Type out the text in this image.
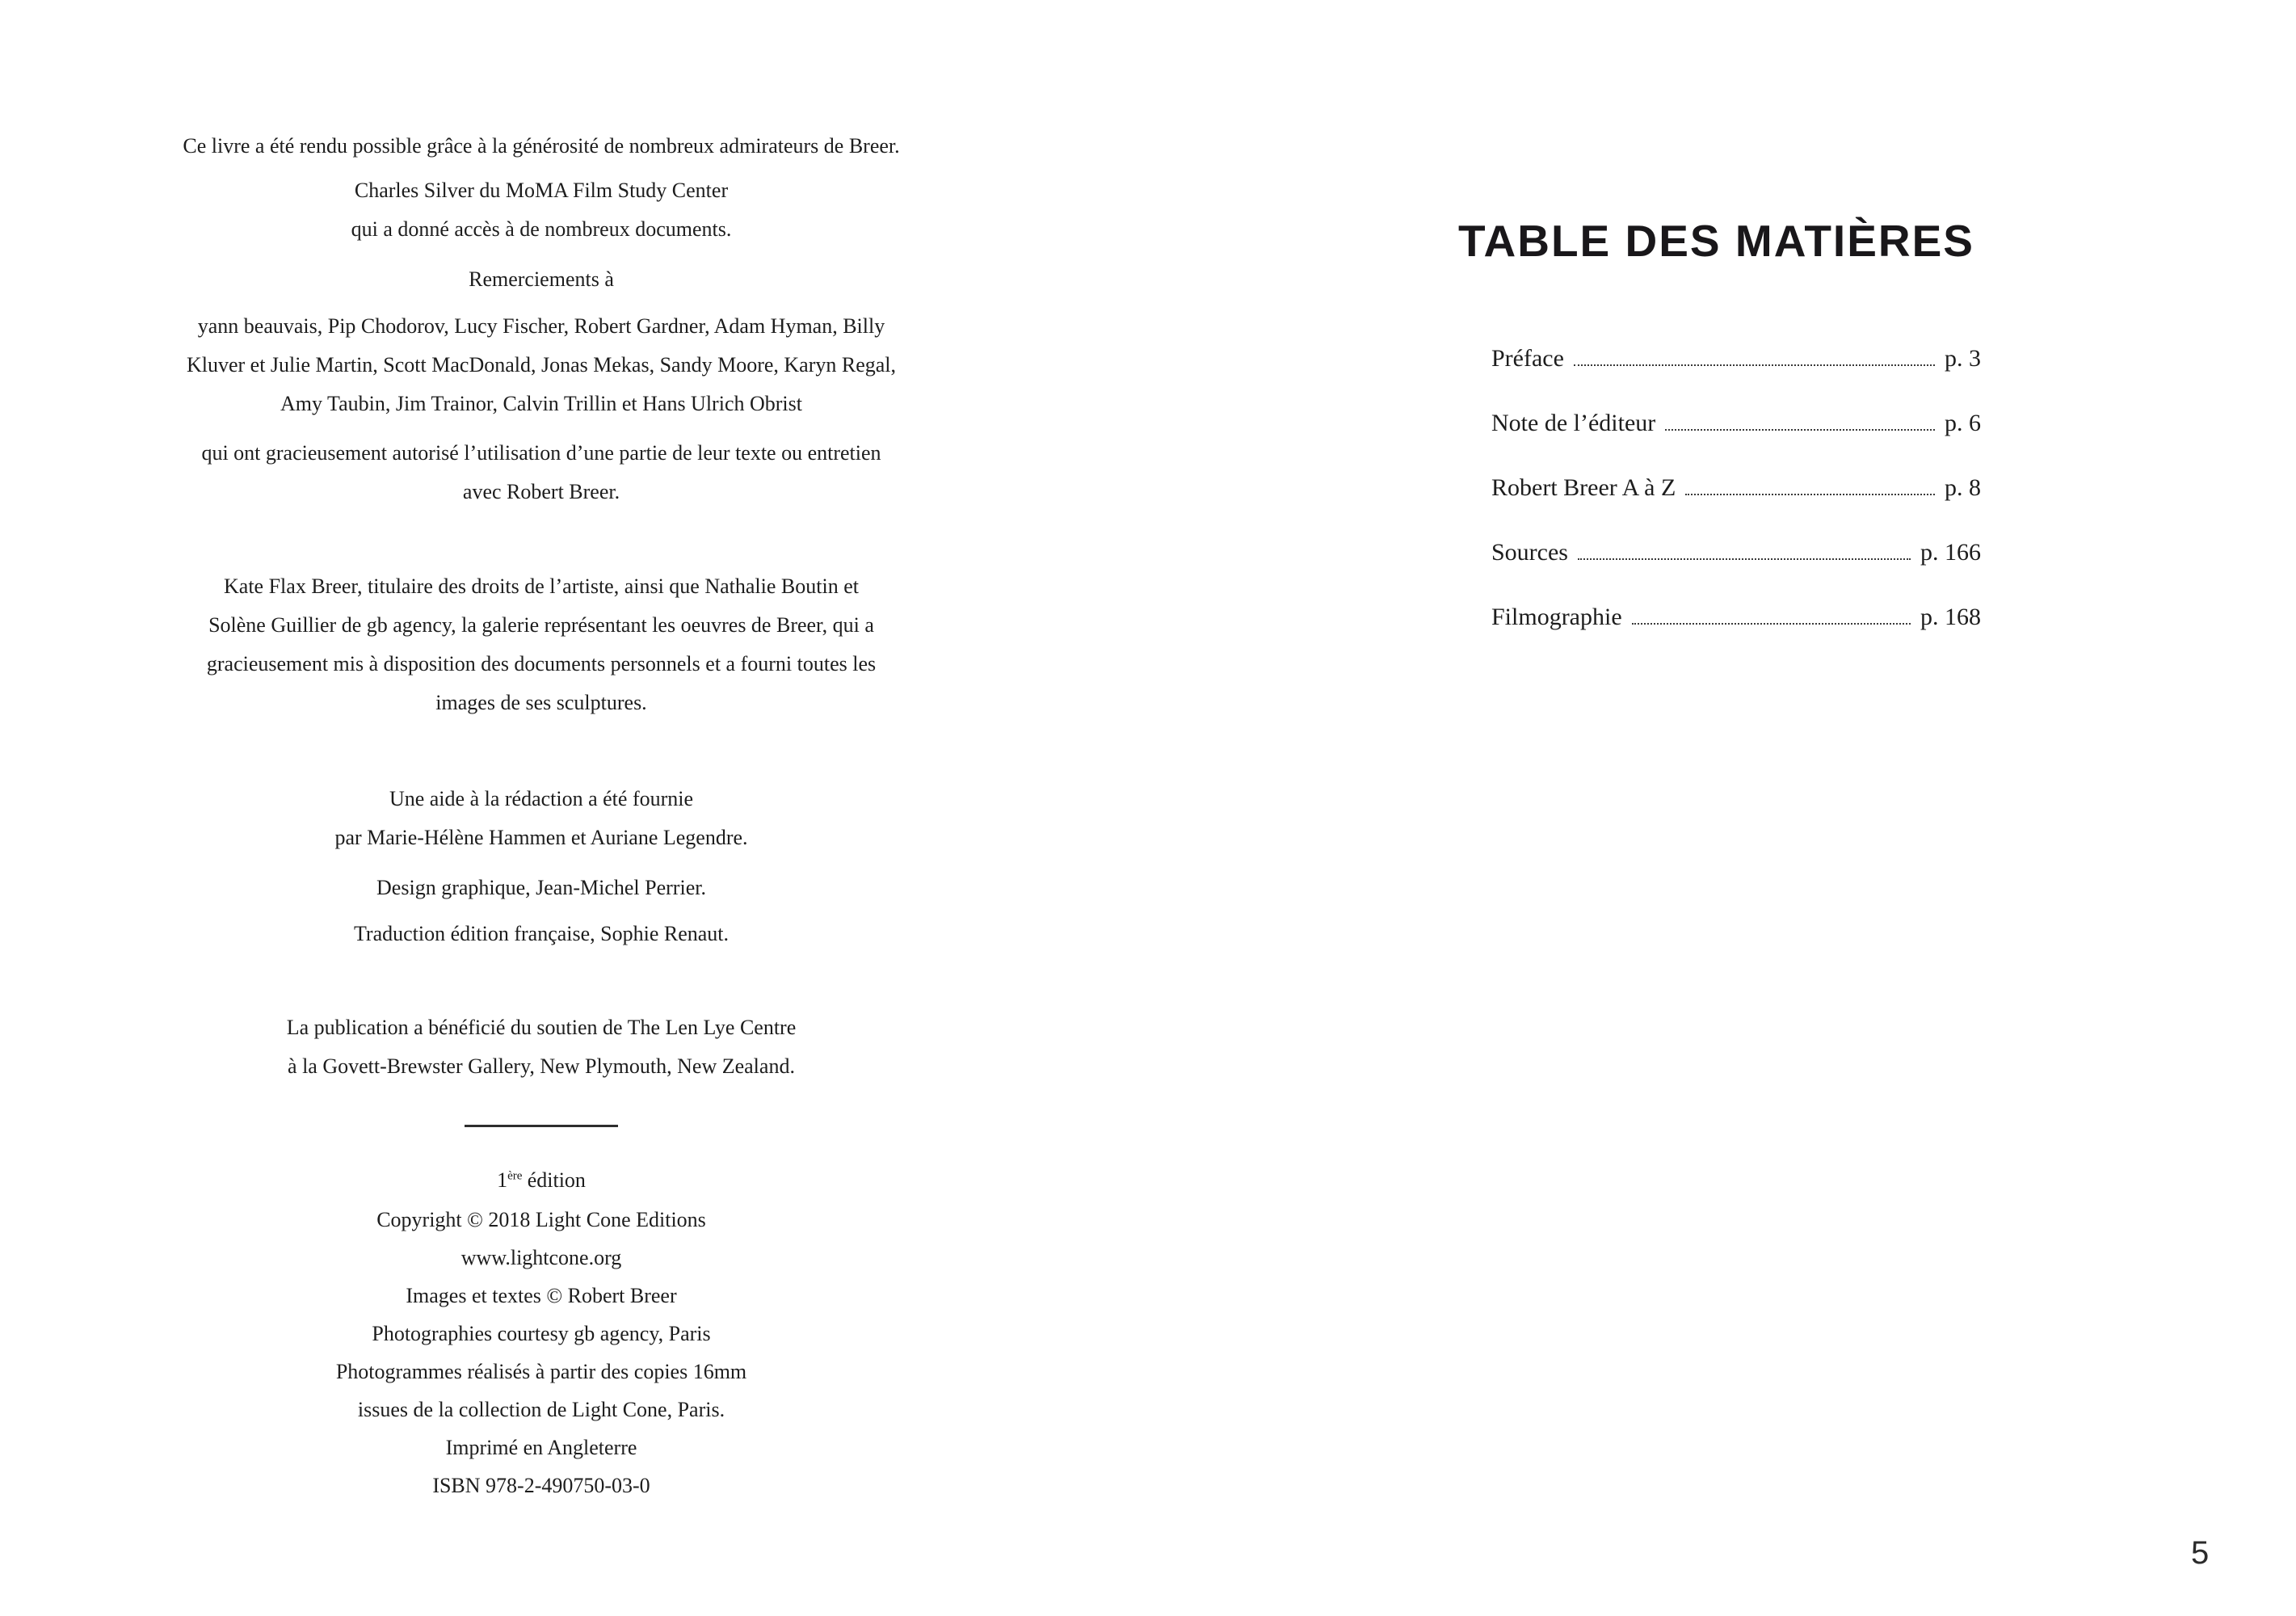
Ce livre a été rendu possible grâce à la générosité de nombreux admirateurs de Breer.
Charles Silver du MoMA Film Study Center
qui a donné accès à de nombreux documents.
Remerciements à
yann beauvais, Pip Chodorov, Lucy Fischer, Robert Gardner, Adam Hyman, Billy
Kluver et Julie Martin, Scott MacDonald, Jonas Mekas, Sandy Moore, Karyn Regal,
Amy Taubin, Jim Trainor, Calvin Trillin et Hans Ulrich Obrist
qui ont gracieusement autorisé l’utilisation d’une partie de leur texte ou entretien
avec Robert Breer.
Kate Flax Breer, titulaire des droits de l’artiste, ainsi que Nathalie Boutin et
Solène Guillier de gb agency, la galerie représentant les oeuvres de Breer, qui a
gracieusement mis à disposition des documents personnels et a fourni toutes les
images de ses sculptures.
Une aide à la rédaction a été fournie
par Marie-Hélène Hammen et Auriane Legendre.
Design graphique, Jean-Michel Perrier.
Traduction édition française, Sophie Renaut.
La publication a bénéficié du soutien de The Len Lye Centre
à la Govett-Brewster Gallery, New Plymouth, New Zealand.
1ère édition
Copyright © 2018 Light Cone Editions
www.lightcone.org
Images et textes © Robert Breer
Photographies courtesy gb agency, Paris
Photogrammes réalisés à partir des copies 16mm
issues de la collection de Light Cone, Paris.
Imprimé en Angleterre
ISBN 978-2-490750-03-0
TABLE DES MATIÈRES
Préface	p. 3
Note de l’éditeur	p. 6
Robert Breer A à Z	p. 8
Sources	p. 166
Filmographie	p. 168
5
